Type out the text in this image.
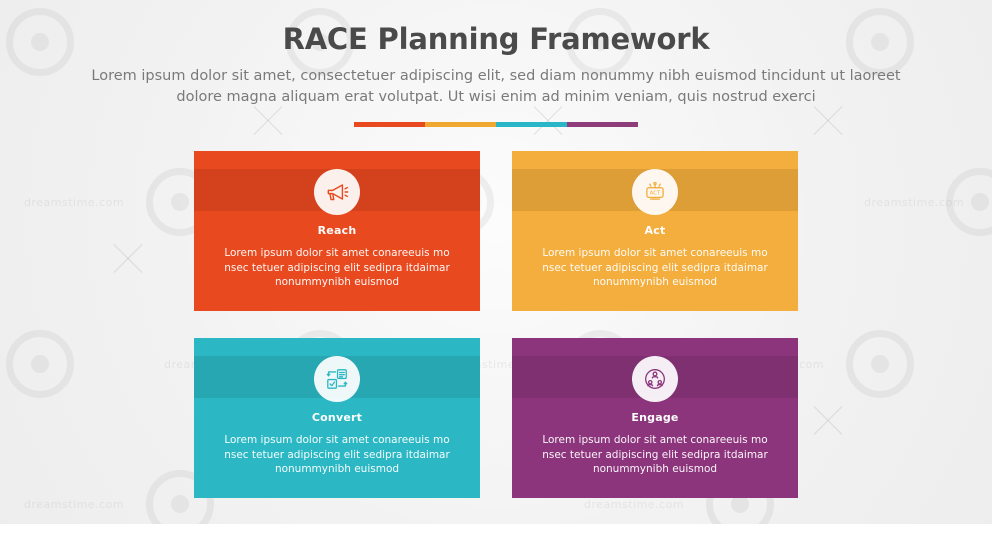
dreamstime.com	dreamstime.com
dreamstime.com
dreamstime.com	dreamstime.com
RACE Planning Framework

Lorem ipsum dolor sit amet, consectetuer adipiscing elit, sed diam nonummy nibh euismod tincidunt ut laoreet dolore magna aliquam erat volutpat. Ut wisi enim ad minim veniam, quis nostrud exerci

Reach
Lorem ipsum dolor sit amet conareeuis mo nsec tetuer adipiscing elit sedipra itdaimar nonummynibh euismod
ACT
Act
Lorem ipsum dolor sit amet conareeuis mo nsec tetuer adipiscing elit sedipra itdaimar nonummynibh euismod
Convert
Lorem ipsum dolor sit amet conareeuis mo nsec tetuer adipiscing elit sedipra itdaimar nonummynibh euismod
Engage
Lorem ipsum dolor sit amet conareeuis mo nsec tetuer adipiscing elit sedipra itdaimar nonummynibh euismod
